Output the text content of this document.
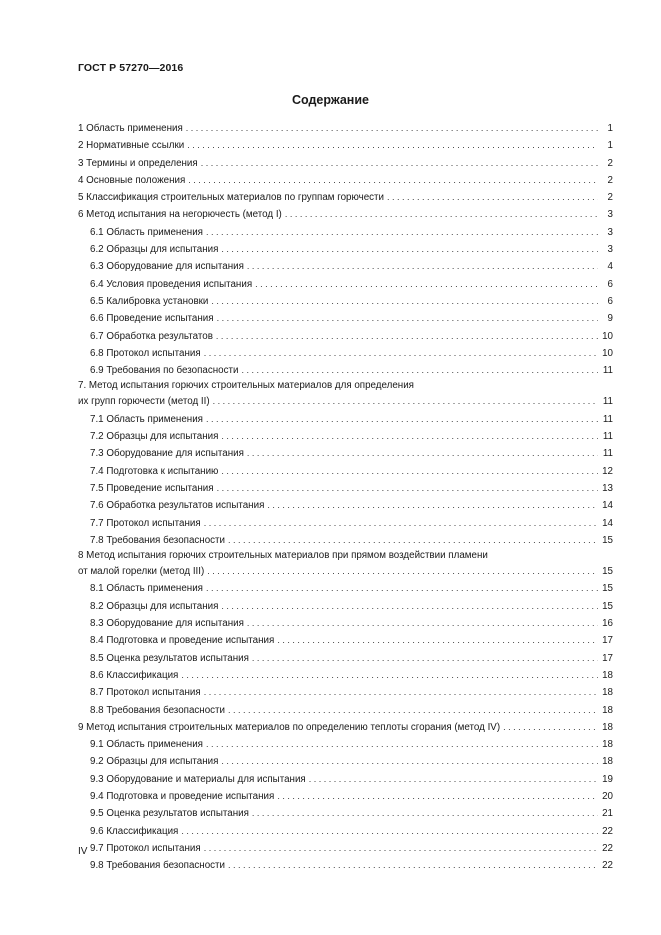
ГОСТ Р 57270—2016
Содержание
1 Область применения . . .	1
2 Нормативные ссылки . . .	1
3 Термины и определения . . .	2
4 Основные положения . . .	2
5 Классификация строительных материалов по группам горючести . . .	2
6 Метод испытания на негорючесть (метод I) . . .	3
6.1 Область применения . . .	3
6.2 Образцы для испытания . . .	3
6.3 Оборудование для испытания . . .	4
6.4 Условия проведения испытания . . .	6
6.5 Калибровка установки . . .	6
6.6 Проведение испытания . . .	9
6.7 Обработка результатов . . .	10
6.8 Протокол испытания . . .	10
6.9 Требования по безопасности . . .	11
7. Метод испытания горючих строительных материалов для определения
их групп горючести (метод II) . . .	11
7.1 Область применения . . .	11
7.2 Образцы для испытания . . .	11
7.3 Оборудование для испытания . . .	11
7.4 Подготовка к испытанию . . .	12
7.5 Проведение испытания . . .	13
7.6 Обработка результатов испытания . . .	14
7.7 Протокол испытания . . .	14
7.8 Требования безопасности . . .	15
8 Метод испытания горючих строительных материалов при прямом воздействии пламени
от малой горелки (метод III) . . .	15
8.1 Область применения . . .	15
8.2 Образцы для испытания . . .	15
8.3 Оборудование для испытания . . .	16
8.4 Подготовка и проведение испытания . . .	17
8.5 Оценка результатов испытания . . .	17
8.6 Классификация . . .	18
8.7 Протокол испытания . . .	18
8.8 Требования безопасности . . .	18
9 Метод испытания строительных материалов по определению теплоты сгорания (метод IV) . . .	18
9.1 Область применения . . .	18
9.2 Образцы для испытания . . .	18
9.3 Оборудование и материалы для испытания . . .	19
9.4 Подготовка и проведение испытания . . .	20
9.5 Оценка результатов испытания . . .	21
9.6 Классификация . . .	22
9.7 Протокол испытания . . .	22
9.8 Требования безопасности . . .	22
IV
